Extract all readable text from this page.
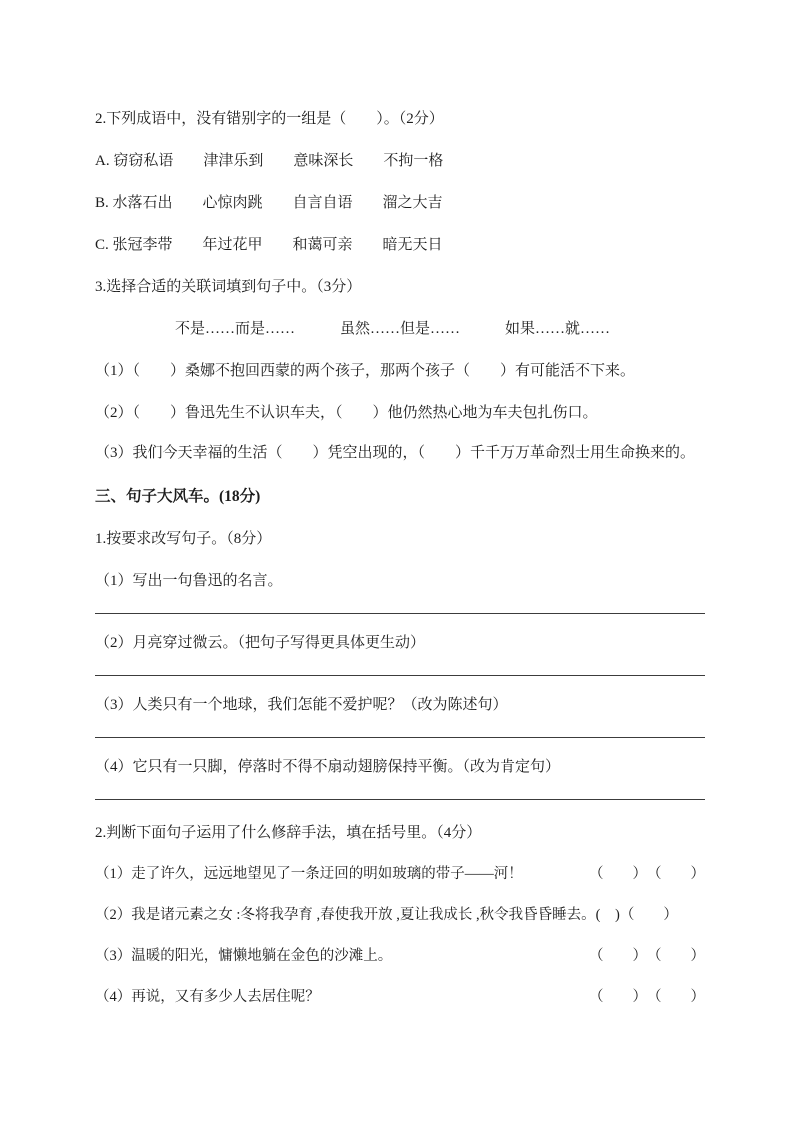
2.下列成语中，没有错别字的一组是（　　）。（2分）
A. 窃窃私语　　津津乐到　　意味深长　　不拘一格
B. 水落石出　　心惊肉跳　　自言自语　　溜之大吉
C. 张冠李带　　年过花甲　　和蔼可亲　　暗无天日
3.选择合适的关联词填到句子中。（3分）
不是……而是……　　　虽然……但是……　　　如果……就……
（1）（　　）桑娜不抱回西蒙的两个孩子，那两个孩子（　　）有可能活不下来。
（2）（　　）鲁迅先生不认识车夫，（　　）他仍然热心地为车夫包扎伤口。
（3）我们今天幸福的生活（　　）凭空出现的，（　　）千千万万革命烈士用生命换来的。
三、句子大风车。(18分)
1.按要求改写句子。（8分）
（1）写出一句鲁迅的名言。
（2）月亮穿过微云。（把句子写得更具体更生动）
（3）人类只有一个地球，我们怎能不爱护呢？（改为陈述句）
（4）它只有一只脚，停落时不得不扇动翅膀保持平衡。（改为肯定句）
2.判断下面句子运用了什么修辞手法，填在括号里。（4分）
（1）走了许久，远远地望见了一条迂回的明如玻璃的带子——河！	（　　）　（　　）
（2）我是诸元素之女 :冬将我孕育 ,春使我开放 ,夏让我成长 ,秋令我昏昏睡去。( 　)（　　）
（3）温暖的阳光，慵懒地躺在金色的沙滩上。	（　　）　（　　）
（4）再说，又有多少人去居住呢？	（　　）　（　　）
